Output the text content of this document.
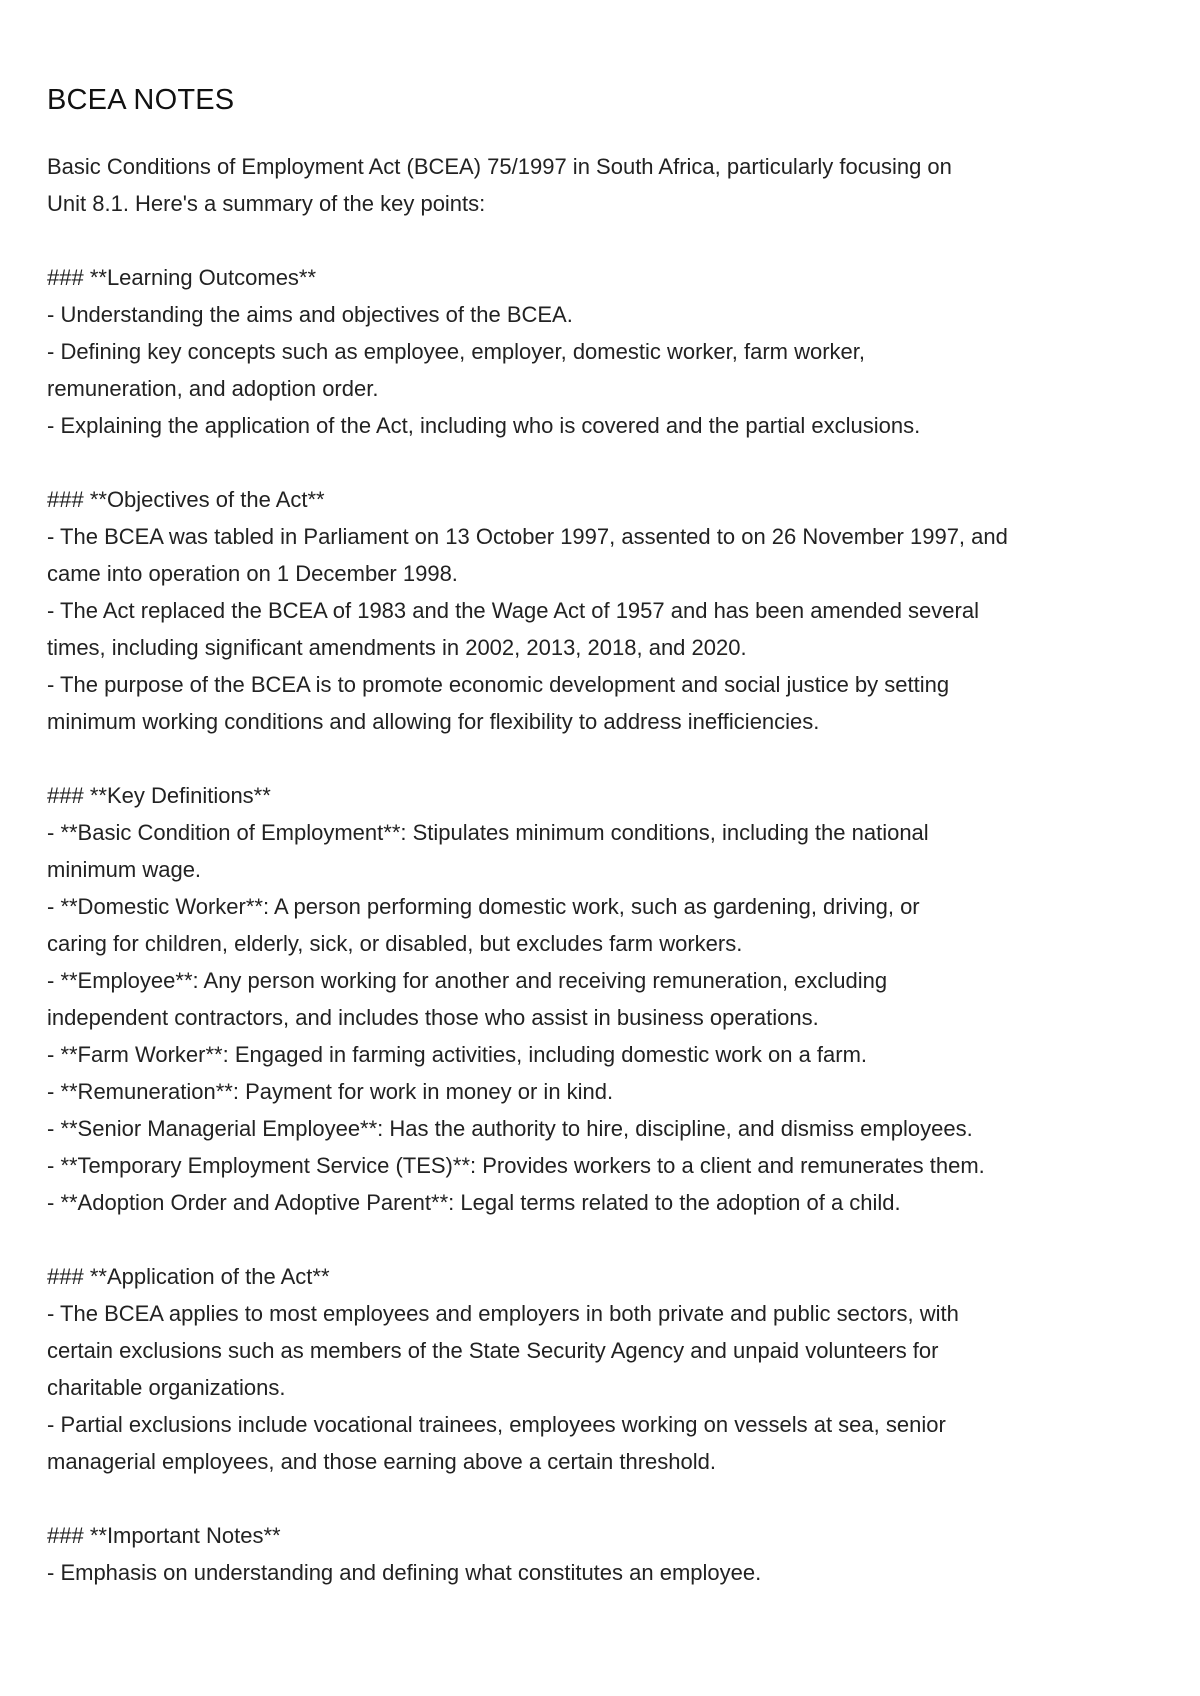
BCEA NOTES
Basic Conditions of Employment Act (BCEA) 75/1997 in South Africa, particularly focusing on
Unit 8.1. Here's a summary of the key points:
### **Learning Outcomes**
- Understanding the aims and objectives of the BCEA.
- Defining key concepts such as employee, employer, domestic worker, farm worker,
remuneration, and adoption order.
- Explaining the application of the Act, including who is covered and the partial exclusions.
### **Objectives of the Act**
- The BCEA was tabled in Parliament on 13 October 1997, assented to on 26 November 1997, and
came into operation on 1 December 1998.
- The Act replaced the BCEA of 1983 and the Wage Act of 1957 and has been amended several
times, including significant amendments in 2002, 2013, 2018, and 2020.
- The purpose of the BCEA is to promote economic development and social justice by setting
minimum working conditions and allowing for flexibility to address inefficiencies.
### **Key Definitions**
- **Basic Condition of Employment**: Stipulates minimum conditions, including the national
minimum wage.
- **Domestic Worker**: A person performing domestic work, such as gardening, driving, or
caring for children, elderly, sick, or disabled, but excludes farm workers.
- **Employee**: Any person working for another and receiving remuneration, excluding
independent contractors, and includes those who assist in business operations.
- **Farm Worker**: Engaged in farming activities, including domestic work on a farm.
- **Remuneration**: Payment for work in money or in kind.
- **Senior Managerial Employee**: Has the authority to hire, discipline, and dismiss employees.
- **Temporary Employment Service (TES)**: Provides workers to a client and remunerates them.
- **Adoption Order and Adoptive Parent**: Legal terms related to the adoption of a child.
### **Application of the Act**
- The BCEA applies to most employees and employers in both private and public sectors, with
certain exclusions such as members of the State Security Agency and unpaid volunteers for
charitable organizations.
- Partial exclusions include vocational trainees, employees working on vessels at sea, senior
managerial employees, and those earning above a certain threshold.
### **Important Notes**
- Emphasis on understanding and defining what constitutes an employee.
